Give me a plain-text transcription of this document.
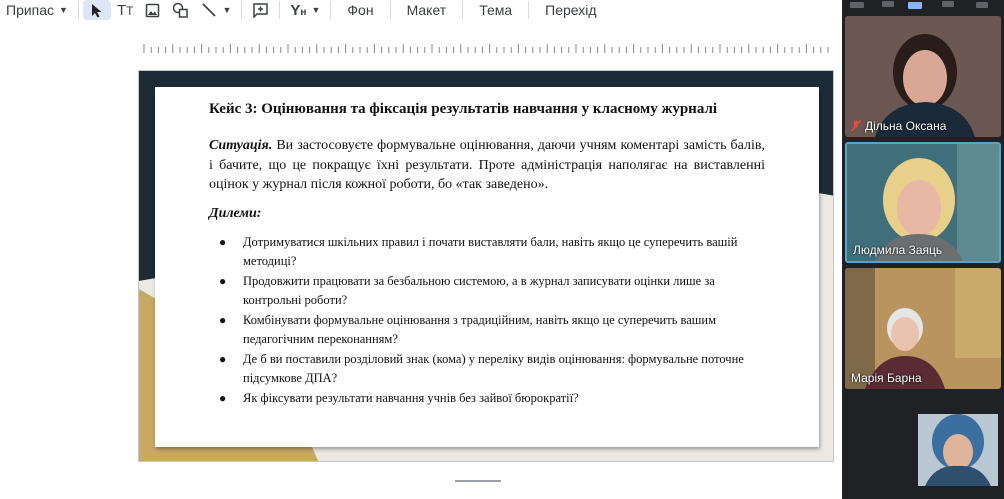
Припас ▼	TT	▼	Yн ▼	Фон	Макет	Тема	Перехід
Кейс 3: Оцінювання та фіксація результатів навчання у класному журналі
Ситуація. Ви застосовуєте формувальне оцінювання, даючи учням коментарі замість балів, і бачите, що це покращує їхні результати. Проте адміністрація наполягає на виставленні оцінок у журнал після кожної роботи, бо «так заведено».
Дилеми:
● Дотримуватися шкільних правил і почати виставляти бали, навіть якщо це суперечить вашій методиці?
● Продовжити працювати за безбальною системою, а в журнал записувати оцінки лише за контрольні роботи?
● Комбінувати формувальне оцінювання з традиційним, навіть якщо це суперечить вашим педагогічним переконанням?
● Де б ви поставили розділовий знак (кома) у переліку видів оцінювання: формувальне поточне підсумкове ДПА?
● Як фіксувати результати навчання учнів без зайвої бюрократії?
Дільна Оксана
Людмила Заяць
Марія Барна
